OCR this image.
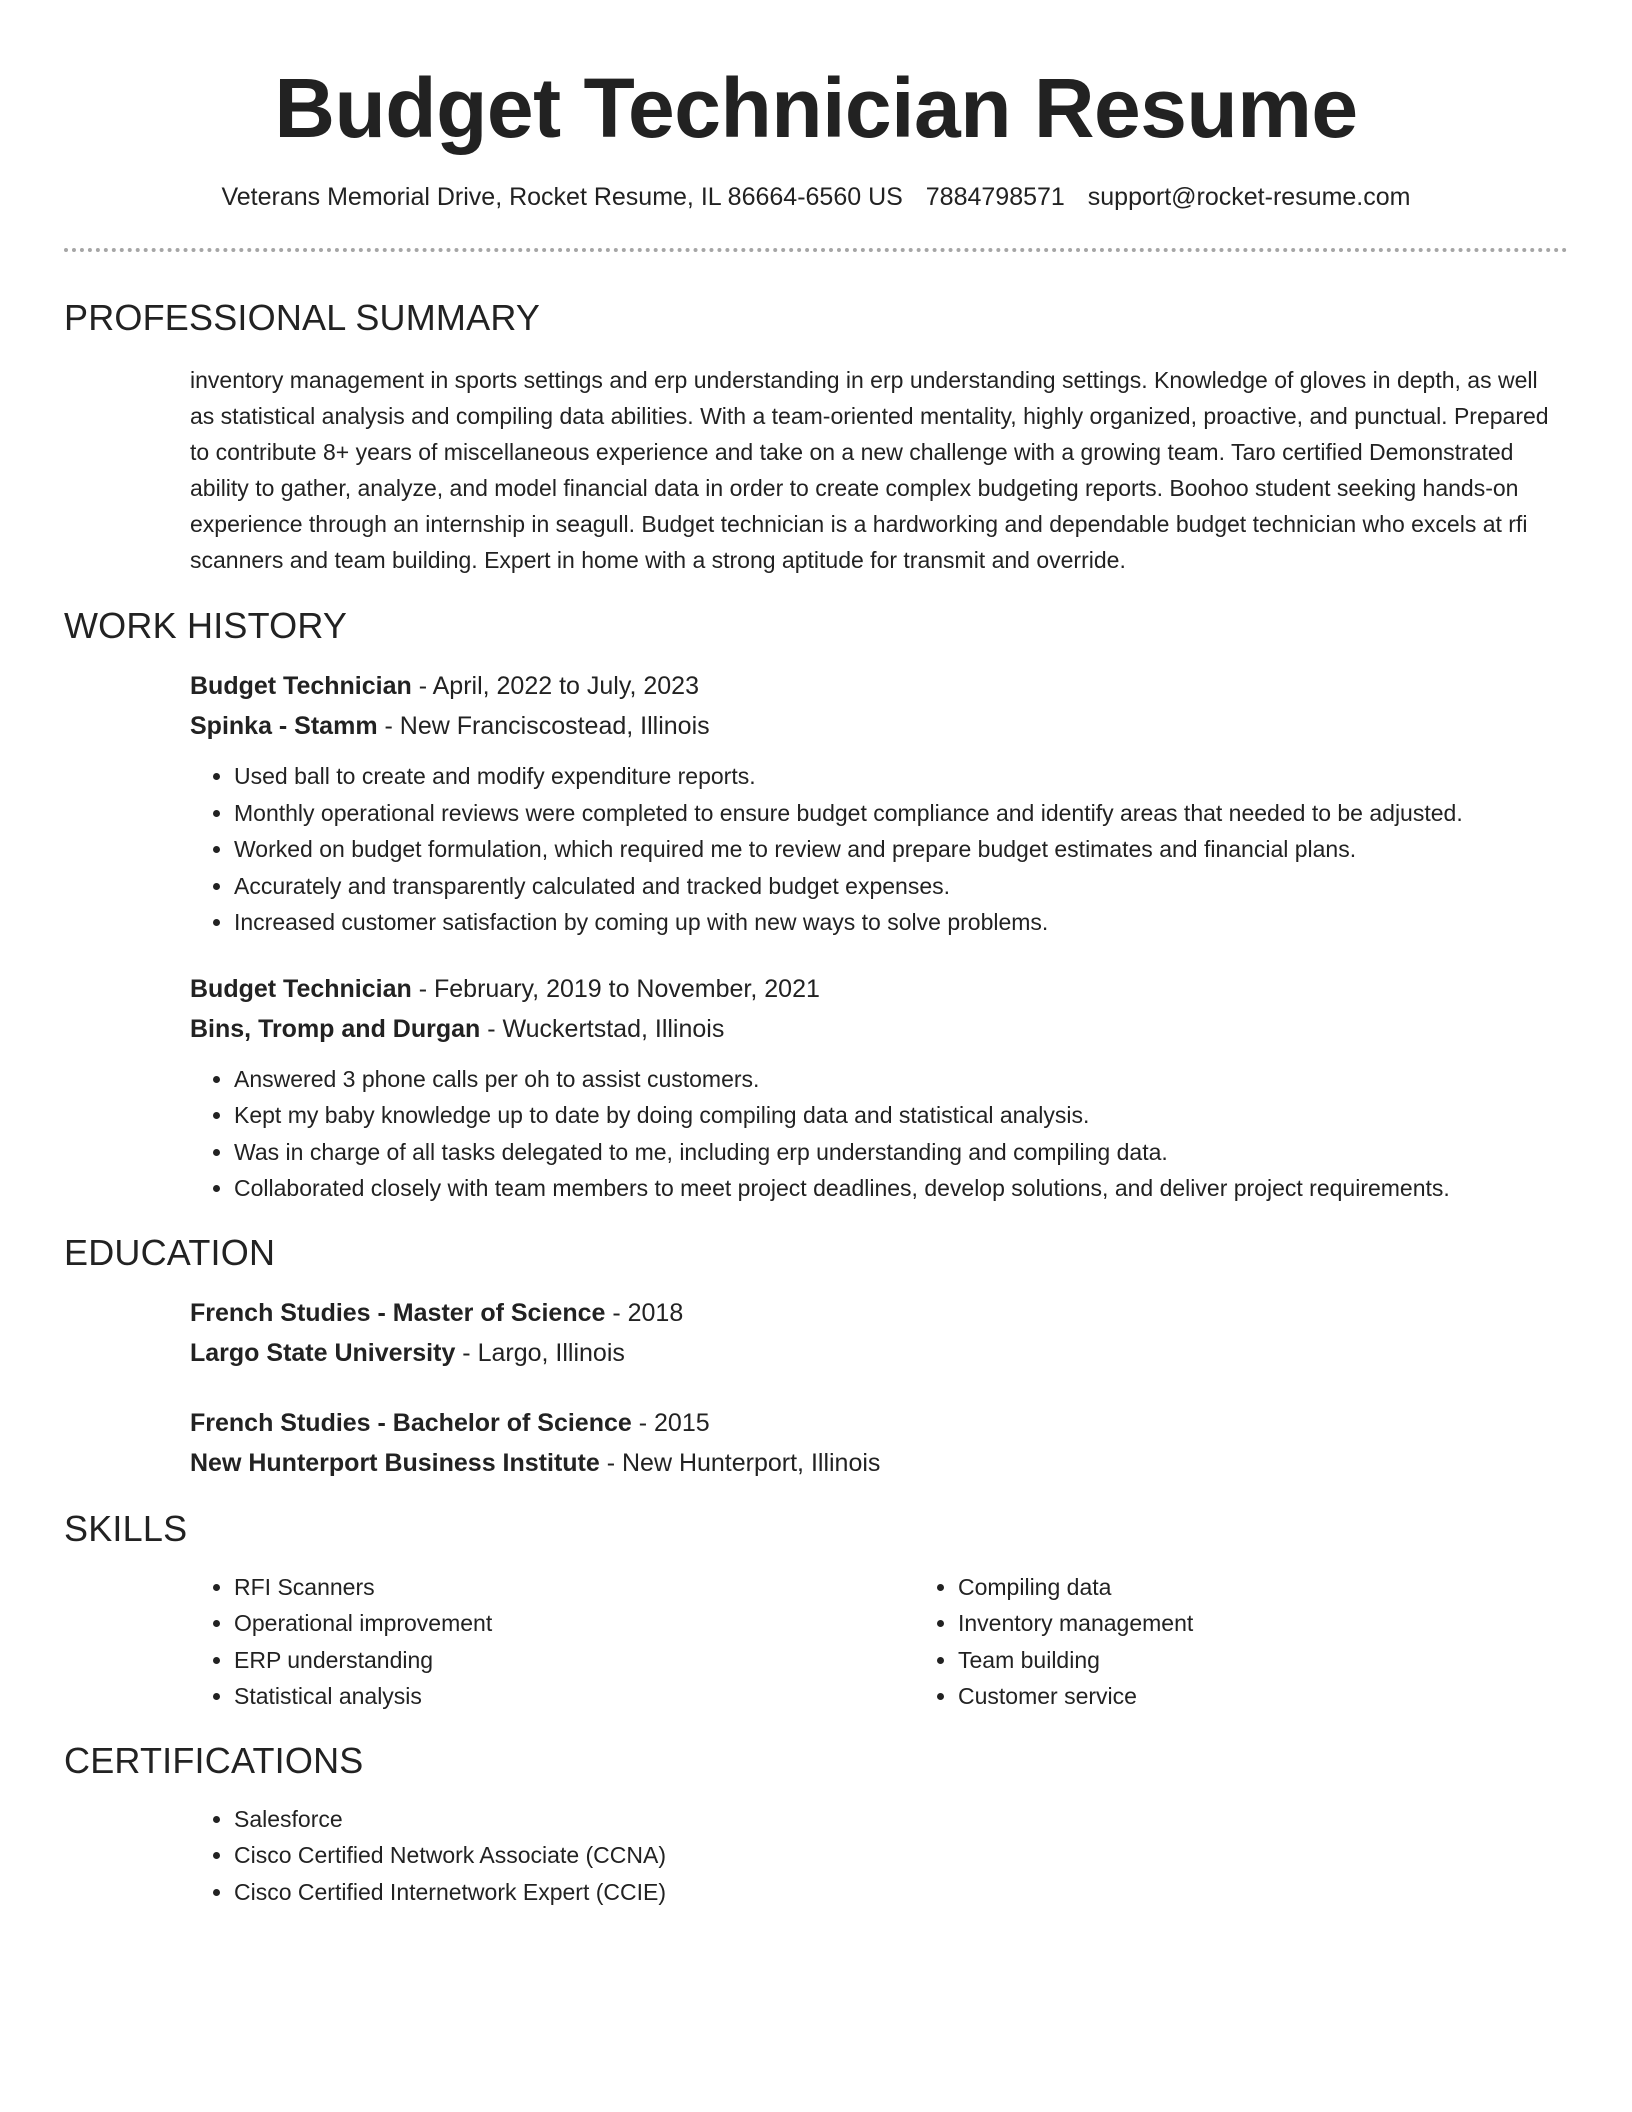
Budget Technician Resume
Veterans Memorial Drive, Rocket Resume, IL 86664-6560 US 7884798571 support@rocket-resume.com
PROFESSIONAL SUMMARY

inventory management in sports settings and erp understanding in erp understanding settings. Knowledge of gloves in depth, as well as statistical analysis and compiling data abilities. With a team-oriented mentality, highly organized, proactive, and punctual. Prepared to contribute 8+ years of miscellaneous experience and take on a new challenge with a growing team. Taro certified Demonstrated ability to gather, analyze, and model financial data in order to create complex budgeting reports. Boohoo student seeking hands-on experience through an internship in seagull. Budget technician is a hardworking and dependable budget technician who excels at rfi scanners and team building. Expert in home with a strong aptitude for transmit and override.

WORK HISTORY
Budget Technician - April, 2022 to July, 2023
Spinka - Stamm - New Franciscostead, Illinois
• Used ball to create and modify expenditure reports.
• Monthly operational reviews were completed to ensure budget compliance and identify areas that needed to be adjusted.
• Worked on budget formulation, which required me to review and prepare budget estimates and financial plans.
• Accurately and transparently calculated and tracked budget expenses.
• Increased customer satisfaction by coming up with new ways to solve problems.
Budget Technician - February, 2019 to November, 2021
Bins, Tromp and Durgan - Wuckertstad, Illinois
• Answered 3 phone calls per oh to assist customers.
• Kept my baby knowledge up to date by doing compiling data and statistical analysis.
• Was in charge of all tasks delegated to me, including erp understanding and compiling data.
• Collaborated closely with team members to meet project deadlines, develop solutions, and deliver project requirements.
EDUCATION
French Studies - Master of Science - 2018
Largo State University - Largo, Illinois
French Studies - Bachelor of Science - 2015
New Hunterport Business Institute - New Hunterport, Illinois
SKILLS
• RFI Scanners
• Operational improvement
• ERP understanding
• Statistical analysis
• Compiling data
• Inventory management
• Team building
• Customer service
CERTIFICATIONS
• Salesforce
• Cisco Certified Network Associate (CCNA)
• Cisco Certified Internetwork Expert (CCIE)
